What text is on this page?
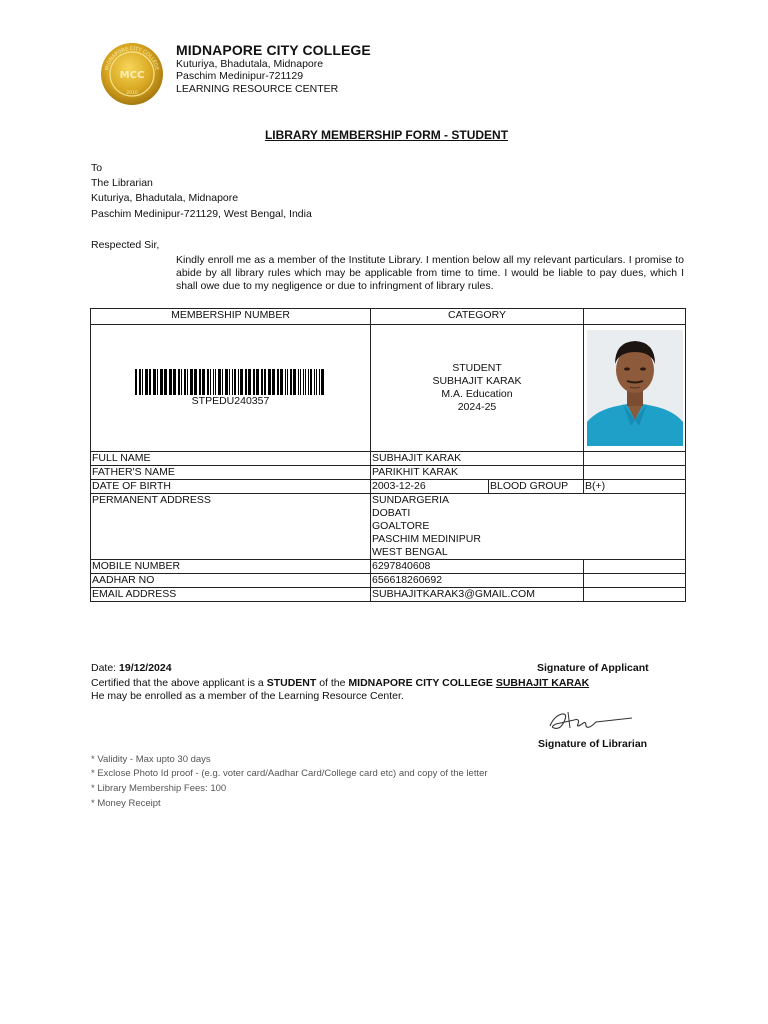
MIDNAPORE CITY COLLEGE
MCC
2010
MIDNAPORE CITY COLLEGE
Kuturiya, Bhadutala, Midnapore
Paschim Medinipur-721129
LEARNING RESOURCE CENTER
LIBRARY MEMBERSHIP FORM - STUDENT
To
The Librarian
Kuturiya, Bhadutala, Midnapore
Paschim Medinipur-721129, West Bengal, India
Respected Sir,
Kindly enroll me as a member of the Institute Library. I mention below all my relevant particulars. I promise to abide by all library rules which may be applicable from time to time. I would be liable to pay dues, which I shall owe due to my negligence or due to infringment of library rules.
MEMBERSHIP NUMBER	CATEGORY		

STPEDU240357	STUDENT
SUBHAJIT KARAK
M.A. Education
2024-25

FULL NAME	SUBHAJIT KARAK		
FATHER'S NAME	PARIKHIT KARAK		
DATE OF BIRTH	2003-12-26	BLOOD GROUP	B(+)
PERMANENT ADDRESS	SUNDARGERIA
DOBATI
GOALTORE
PASCHIM MEDINIPUR
WEST BENGAL		

MOBILE NUMBER	6297840608		
AADHAR NO	656618260692		
EMAIL ADDRESS	SUBHAJITKARAK3@GMAIL.COM		
Date: 19/12/2024	Signature of Applicant
Certified that the above applicant is a STUDENT of the MIDNAPORE CITY COLLEGE SUBHAJIT KARAK
He may be enrolled as a member of the Learning Resource Center.
Signature of Librarian
* Validity - Max upto 30 days
* Exclose Photo Id proof - (e.g. voter card/Aadhar Card/College card etc) and copy of the letter
* Library Membership Fees: 100
* Money Receipt
